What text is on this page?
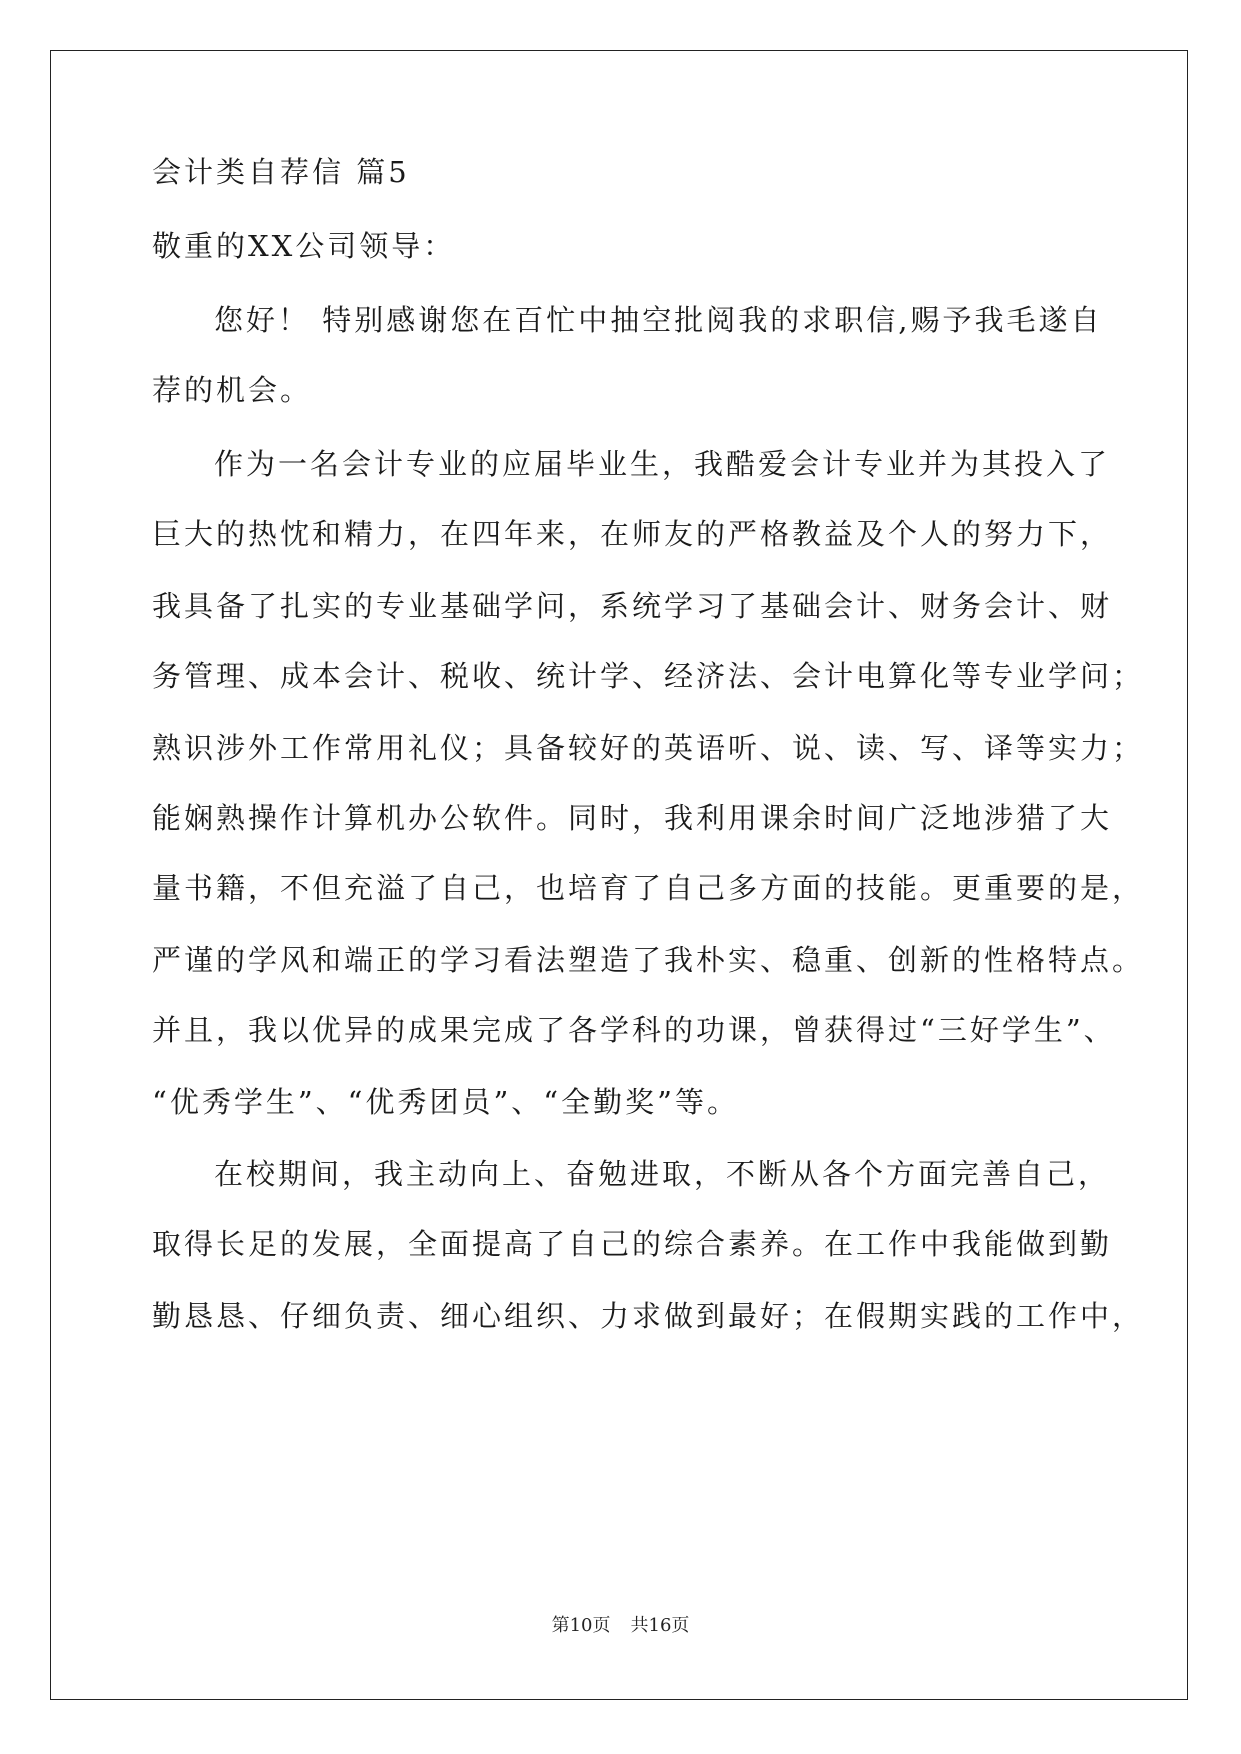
会计类自荐信 篇5
敬重的XX公司领导：
您好！ 特别感谢您在百忙中抽空批阅我的求职信,赐予我毛遂自
荐的机会。
作为一名会计专业的应届毕业生，我酷爱会计专业并为其投入了
巨大的热忱和精力，在四年来，在师友的严格教益及个人的努力下，
我具备了扎实的专业基础学问，系统学习了基础会计、财务会计、财
务管理、成本会计、税收、统计学、经济法、会计电算化等专业学问；
熟识涉外工作常用礼仪；具备较好的英语听、说、读、写、译等实力；
能娴熟操作计算机办公软件。同时，我利用课余时间广泛地涉猎了大
量书籍，不但充溢了自己，也培育了自己多方面的技能。更重要的是，
严谨的学风和端正的学习看法塑造了我朴实、稳重、创新的性格特点。
并且，我以优异的成果完成了各学科的功课，曾获得过“三好学生”、
“优秀学生”、“优秀团员”、“全勤奖”等。
在校期间，我主动向上、奋勉进取，不断从各个方面完善自己，
取得长足的发展，全面提高了自己的综合素养。在工作中我能做到勤
勤恳恳、仔细负责、细心组织、力求做到最好；在假期实践的工作中，
第10页 共16页
